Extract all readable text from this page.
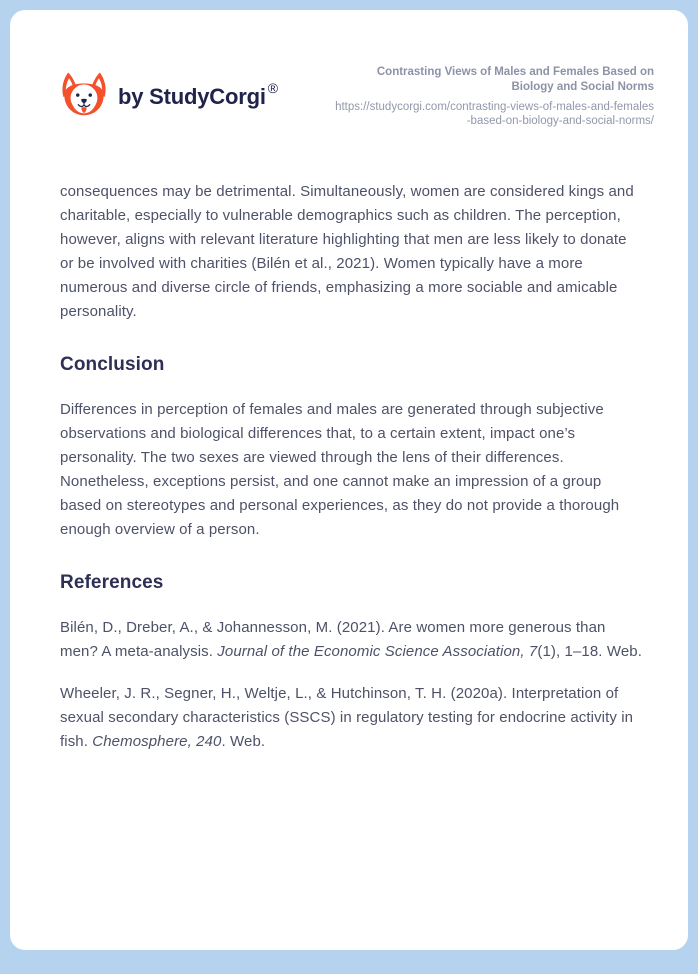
by StudyCorgi ®
Contrasting Views of Males and Females Based on Biology and Social Norms
https://studycorgi.com/contrasting-views-of-males-and-females-based-on-biology-and-social-norms/

consequences may be detrimental. Simultaneously, women are considered kings and charitable, especially to vulnerable demographics such as children. The perception, however, aligns with relevant literature highlighting that men are less likely to donate or be involved with charities (Bilén et al., 2021). Women typically have a more numerous and diverse circle of friends, emphasizing a more sociable and amicable personality.

Conclusion

Differences in perception of females and males are generated through subjective observations and biological differences that, to a certain extent, impact one’s personality. The two sexes are viewed through the lens of their differences. Nonetheless, exceptions persist, and one cannot make an impression of a group based on stereotypes and personal experiences, as they do not provide a thorough enough overview of a person.

References

Bilén, D., Dreber, A., & Johannesson, M. (2021). Are women more generous than men? A meta-analysis. Journal of the Economic Science Association, 7(1), 1–18. Web.

Wheeler, J. R., Segner, H., Weltje, L., & Hutchinson, T. H. (2020a). Interpretation of sexual secondary characteristics (SSCS) in regulatory testing for endocrine activity in fish. Chemosphere, 240. Web.
